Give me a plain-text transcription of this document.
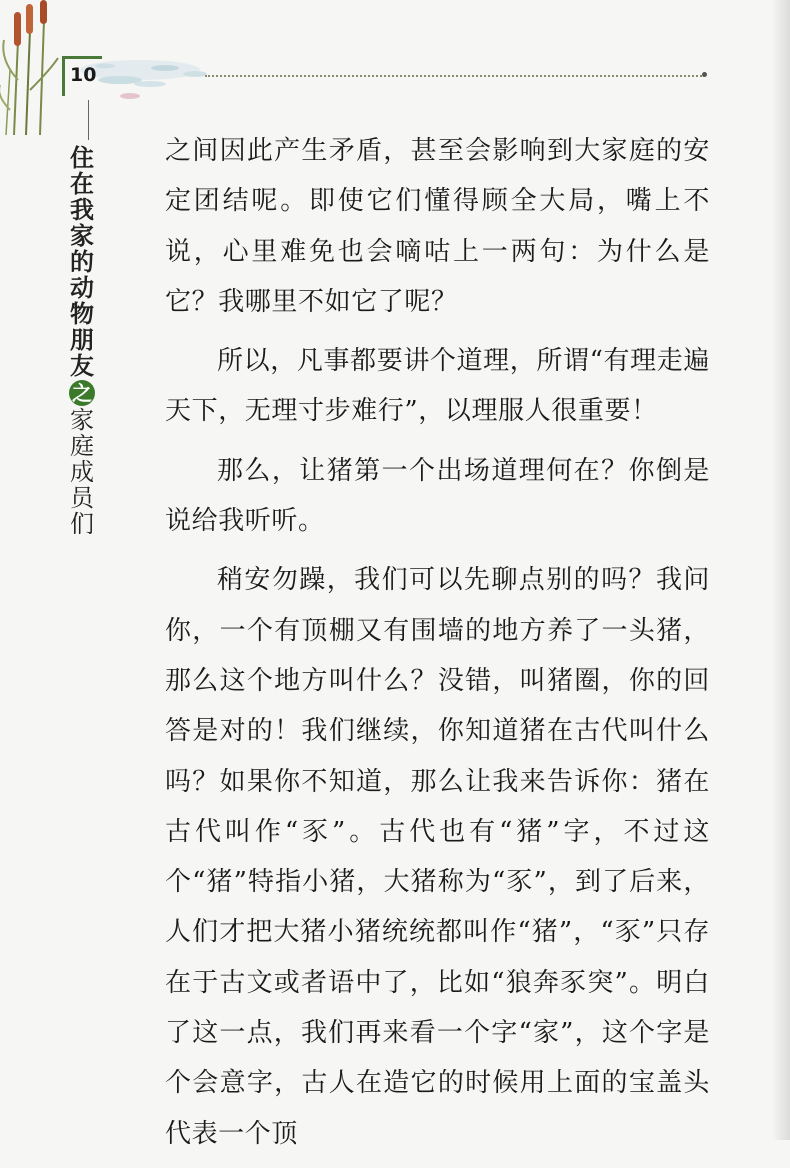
10
住
在
我
家
的
动
物
朋
友
之
家
庭
成
员
们

之间因此产生矛盾，甚至会影响到大家庭的安定团结呢。即使它们懂得顾全大局，嘴上不说，心里难免也会嘀咕上一两句：为什么是它？我哪里不如它了呢？

所以，凡事都要讲个道理，所谓“有理走遍天下，无理寸步难行”，以理服人很重要！

那么，让猪第一个出场道理何在？你倒是说给我听听。

稍安勿躁，我们可以先聊点别的吗？我问你，一个有顶棚又有围墙的地方养了一头猪，那么这个地方叫什么？没错，叫猪圈，你的回答是对的！我们继续，你知道猪在古代叫什么吗？如果你不知道，那么让我来告诉你：猪在古代叫作“豕”。古代也有“猪”字，不过这个“猪”特指小猪，大猪称为“豕”，到了后来，人们才把大猪小猪统统都叫作“猪”，“豕”只存在于古文或者语中了，比如“狼奔豕突”。明白了这一点，我们再来看一个字“家”，这个字是个会意字，古人在造它的时候用上面的宝盖头代表一个顶
